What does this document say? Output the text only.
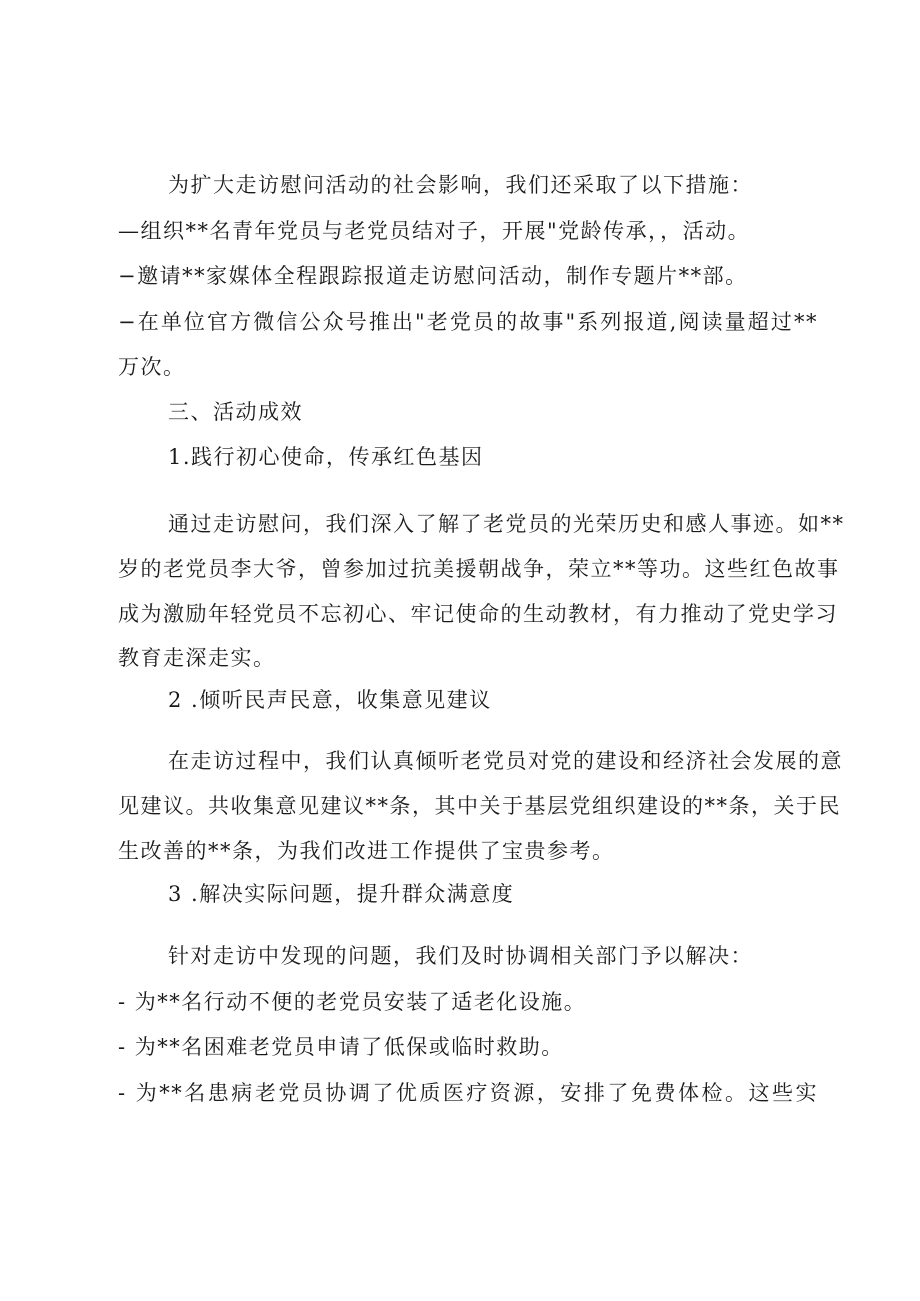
为扩大走访慰问活动的社会影响，我们还采取了以下措施：
—组织**名青年党员与老党员结对子，开展"党龄传承，，活动。
−邀请**家媒体全程跟踪报道走访慰问活动，制作专题片**部。
−在单位官方微信公众号推出"老党员的故事"系列报道,阅读量超过**
万次。
三、活动成效
1.践行初心使命，传承红色基因
通过走访慰问，我们深入了解了老党员的光荣历史和感人事迹。如**
岁的老党员李大爷，曾参加过抗美援朝战争，荣立**等功。这些红色故事
成为激励年轻党员不忘初心、牢记使命的生动教材，有力推动了党史学习
教育走深走实。
2 .倾听民声民意，收集意见建议
在走访过程中，我们认真倾听老党员对党的建设和经济社会发展的意
见建议。共收集意见建议**条，其中关于基层党组织建设的**条，关于民
生改善的**条，为我们改进工作提供了宝贵参考。
3 .解决实际问题，提升群众满意度
针对走访中发现的问题，我们及时协调相关部门予以解决：
- 为**名行动不便的老党员安装了适老化设施。
- 为**名困难老党员申请了低保或临时救助。
- 为**名患病老党员协调了优质医疗资源，安排了免费体检。这些实
